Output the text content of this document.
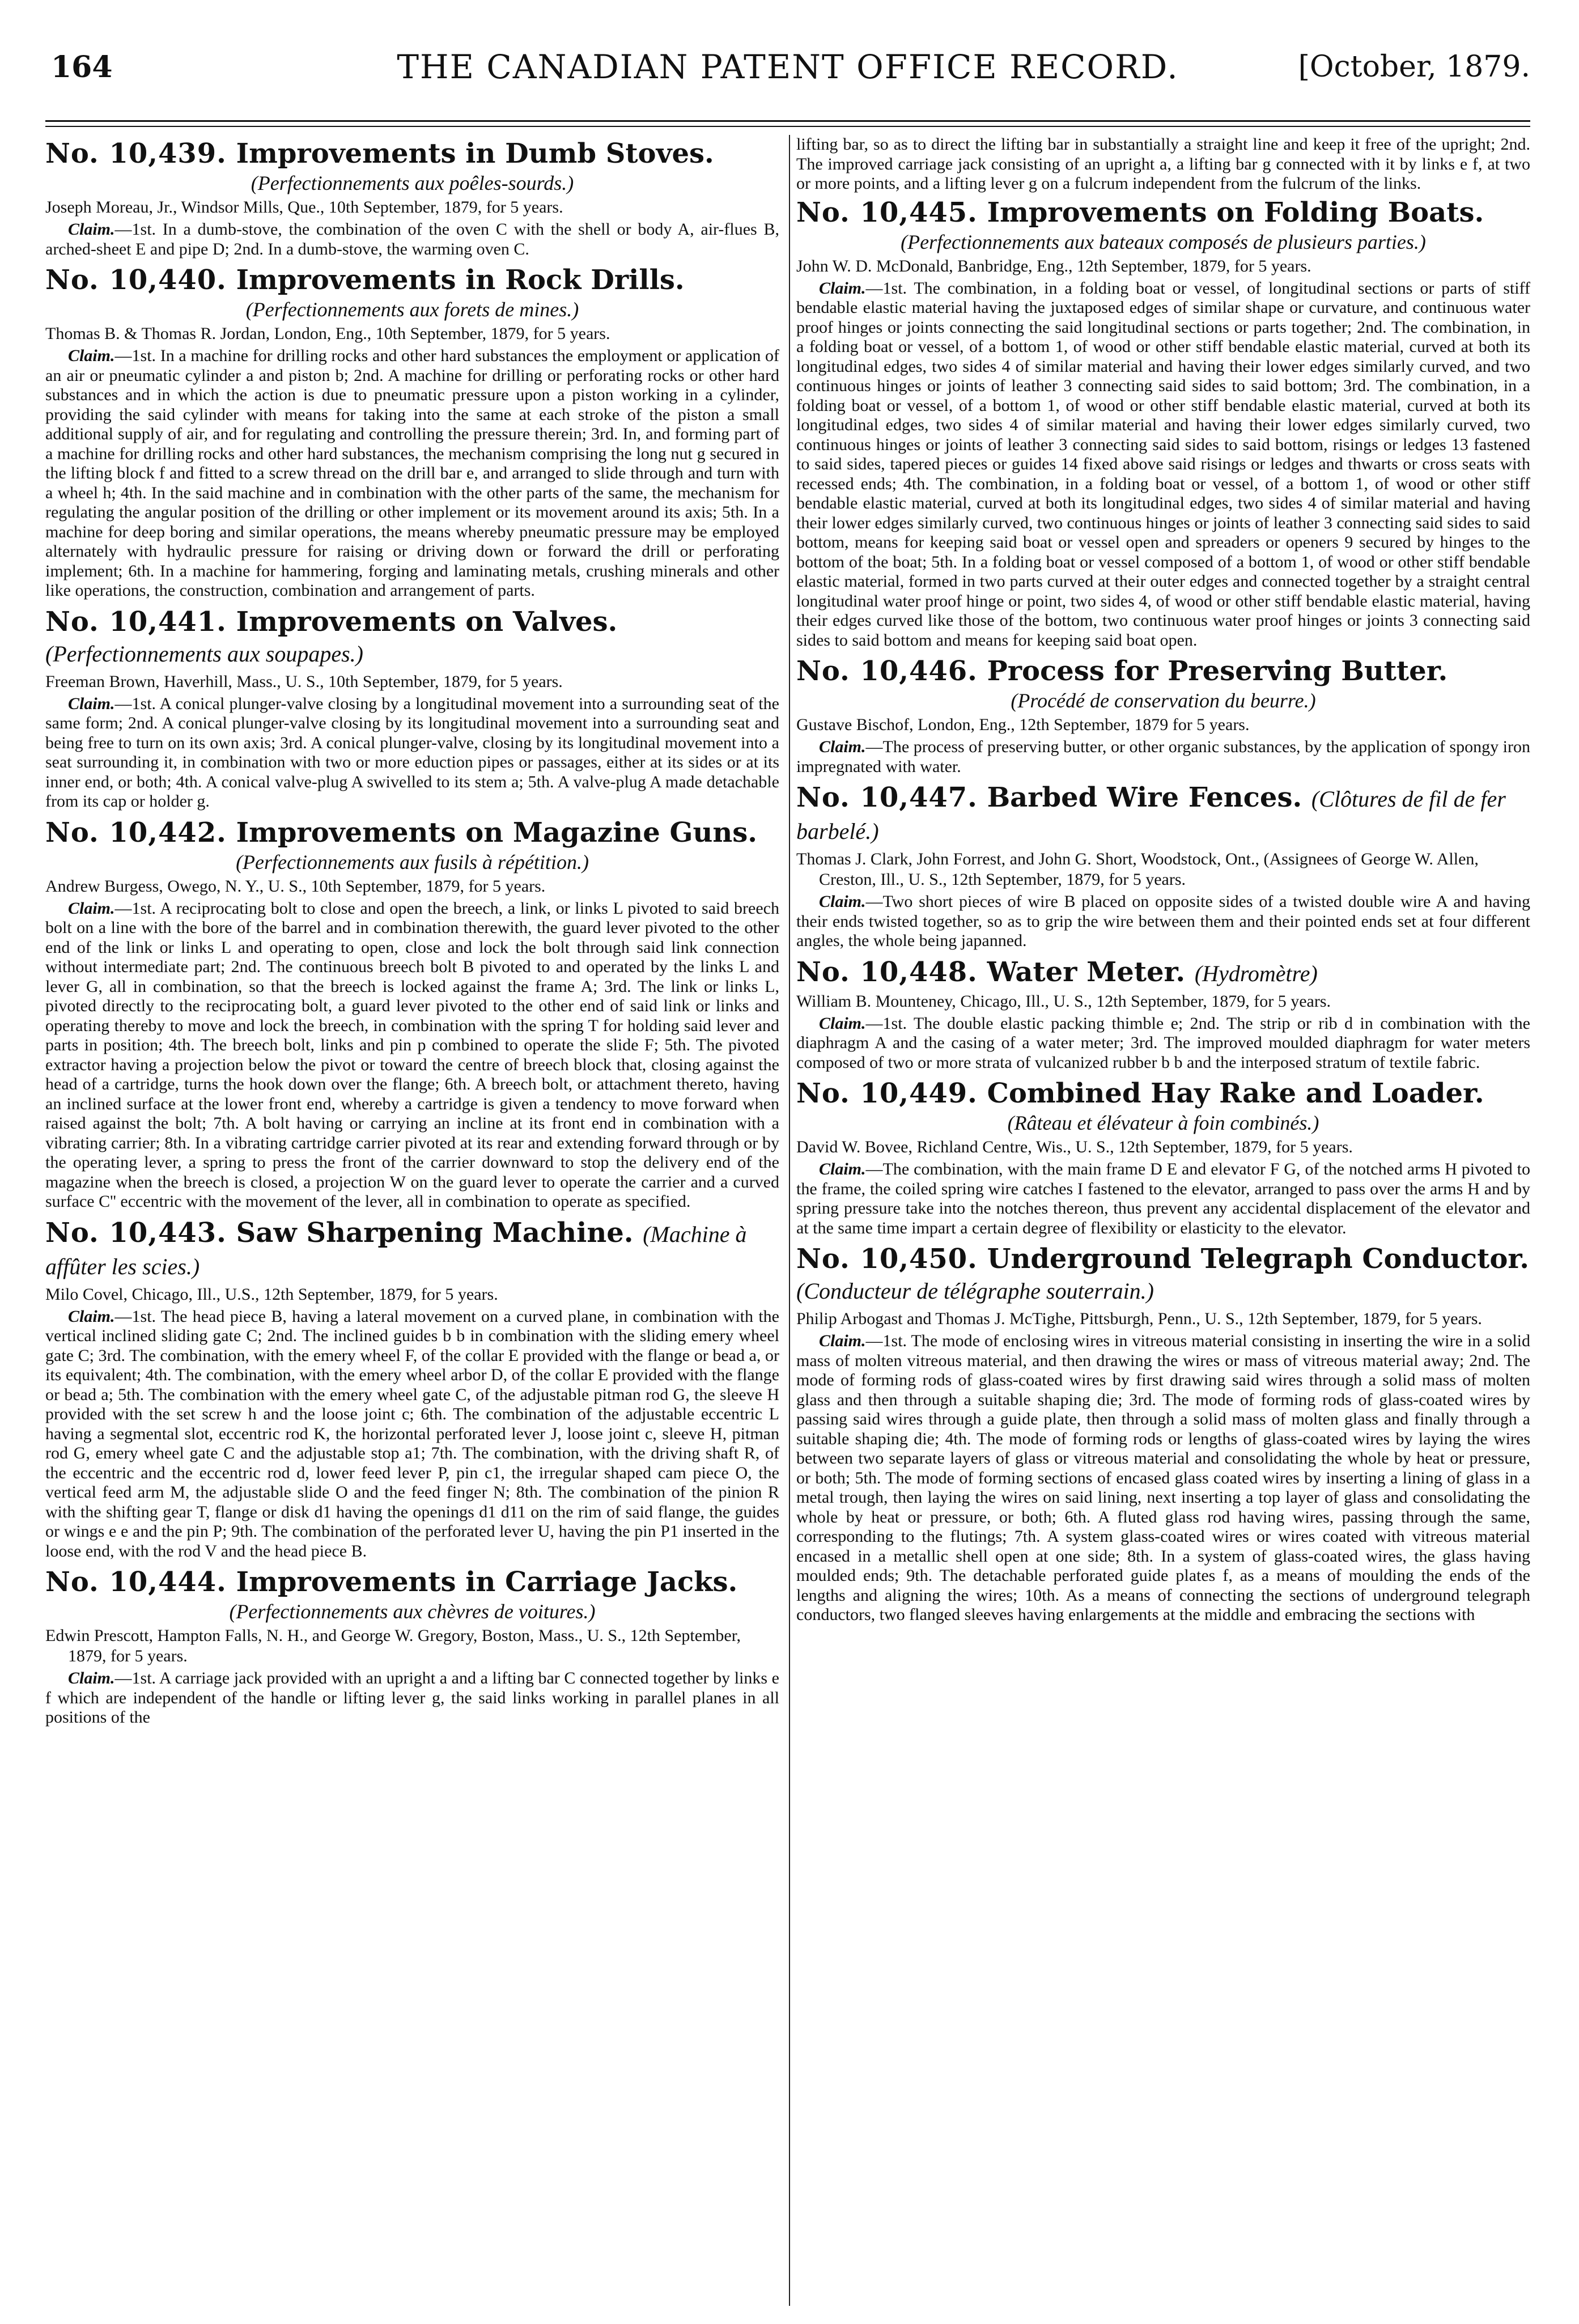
164	THE CANADIAN PATENT OFFICE RECORD.	[October, 1879.
No. 10,439. Improvements in Dumb Stoves.
(Perfectionnements aux poêles-sourds.)
Joseph Moreau, Jr., Windsor Mills, Que., 10th September, 1879, for 5 years.

Claim.—1st. In a dumb-stove, the combination of the oven C with the shell or body A, air-flues B, arched-sheet E and pipe D; 2nd. In a dumb-stove, the warming oven C.

No. 10,440. Improvements in Rock Drills.
(Perfectionnements aux forets de mines.)
Thomas B. & Thomas R. Jordan, London, Eng., 10th September, 1879, for 5 years.

Claim.—1st. In a machine for drilling rocks and other hard substances the employment or application of an air or pneumatic cylinder a and piston b; 2nd. A machine for drilling or perforating rocks or other hard substances and in which the action is due to pneumatic pressure upon a piston working in a cylinder, providing the said cylinder with means for taking into the same at each stroke of the piston a small additional supply of air, and for regulating and controlling the pressure therein; 3rd. In, and forming part of a machine for drilling rocks and other hard substances, the mechanism comprising the long nut g secured in the lifting block f and fitted to a screw thread on the drill bar e, and arranged to slide through and turn with a wheel h; 4th. In the said machine and in combination with the other parts of the same, the mechanism for regulating the angular position of the drilling or other implement or its movement around its axis; 5th. In a machine for deep boring and similar operations, the means whereby pneumatic pressure may be employed alternately with hydraulic pressure for raising or driving down or forward the drill or perforating implement; 6th. In a machine for hammering, forging and laminating metals, crushing minerals and other like operations, the construction, combination and arrangement of parts.

No. 10,441. Improvements on Valves. (Perfectionnements aux soupapes.)
Freeman Brown, Haverhill, Mass., U. S., 10th September, 1879, for 5 years.

Claim.—1st. A conical plunger-valve closing by a longitudinal movement into a surrounding seat of the same form; 2nd. A conical plunger-valve closing by its longitudinal movement into a surrounding seat and being free to turn on its own axis; 3rd. A conical plunger-valve, closing by its longitudinal movement into a seat surrounding it, in combination with two or more eduction pipes or passages, either at its sides or at its inner end, or both; 4th. A conical valve-plug A swivelled to its stem a; 5th. A valve-plug A made detachable from its cap or holder g.

No. 10,442. Improvements on Magazine Guns.
(Perfectionnements aux fusils à répétition.)
Andrew Burgess, Owego, N. Y., U. S., 10th September, 1879, for 5 years.

Claim.—1st. A reciprocating bolt to close and open the breech, a link, or links L pivoted to said breech bolt on a line with the bore of the barrel and in combination therewith, the guard lever pivoted to the other end of the link or links L and operating to open, close and lock the bolt through said link connection without intermediate part; 2nd. The continuous breech bolt B pivoted to and operated by the links L and lever G, all in combination, so that the breech is locked against the frame A; 3rd. The link or links L, pivoted directly to the reciprocating bolt, a guard lever pivoted to the other end of said link or links and operating thereby to move and lock the breech, in combination with the spring T for holding said lever and parts in position; 4th. The breech bolt, links and pin p combined to operate the slide F; 5th. The pivoted extractor having a projection below the pivot or toward the centre of breech block that, closing against the head of a cartridge, turns the hook down over the flange; 6th. A breech bolt, or attachment thereto, having an inclined surface at the lower front end, whereby a cartridge is given a tendency to move forward when raised against the bolt; 7th. A bolt having or carrying an incline at its front end in combination with a vibrating carrier; 8th. In a vibrating cartridge carrier pivoted at its rear and extending forward through or by the operating lever, a spring to press the front of the carrier downward to stop the delivery end of the magazine when the breech is closed, a projection W on the guard lever to operate the carrier and a curved surface C'' eccentric with the movement of the lever, all in combination to operate as specified.

No. 10,443. Saw Sharpening Machine. (Machine à affûter les scies.)
Milo Covel, Chicago, Ill., U.S., 12th September, 1879, for 5 years.

Claim.—1st. The head piece B, having a lateral movement on a curved plane, in combination with the vertical inclined sliding gate C; 2nd. The inclined guides b b in combination with the sliding emery wheel gate C; 3rd. The combination, with the emery wheel F, of the collar E provided with the flange or bead a, or its equivalent; 4th. The combination, with the emery wheel arbor D, of the collar E provided with the flange or bead a; 5th. The combination with the emery wheel gate C, of the adjustable pitman rod G, the sleeve H provided with the set screw h and the loose joint c; 6th. The combination of the adjustable eccentric L having a segmental slot, eccentric rod K, the horizontal perforated lever J, loose joint c, sleeve H, pitman rod G, emery wheel gate C and the adjustable stop a1; 7th. The combination, with the driving shaft R, of the eccentric and the eccentric rod d, lower feed lever P, pin c1, the irregular shaped cam piece O, the vertical feed arm M, the adjustable slide O and the feed finger N; 8th. The combination of the pinion R with the shifting gear T, flange or disk d1 having the openings d1 d11 on the rim of said flange, the guides or wings e e and the pin P; 9th. The combination of the perforated lever U, having the pin P1 inserted in the loose end, with the rod V and the head piece B.

No. 10,444. Improvements in Carriage Jacks.
(Perfectionnements aux chèvres de voitures.)
Edwin Prescott, Hampton Falls, N. H., and George W. Gregory, Boston, Mass., U. S., 12th September, 1879, for 5 years.

Claim.—1st. A carriage jack provided with an upright a and a lifting bar C connected together by links e f which are independent of the handle or lifting lever g, the said links working in parallel planes in all positions of the

lifting bar, so as to direct the lifting bar in substantially a straight line and keep it free of the upright; 2nd. The improved carriage jack consisting of an upright a, a lifting bar g connected with it by links e f, at two or more points, and a lifting lever g on a fulcrum independent from the fulcrum of the links.

No. 10,445. Improvements on Folding Boats.
(Perfectionnements aux bateaux composés de plusieurs parties.)
John W. D. McDonald, Banbridge, Eng., 12th September, 1879, for 5 years.

Claim.—1st. The combination, in a folding boat or vessel, of longitudinal sections or parts of stiff bendable elastic material having the juxtaposed edges of similar shape or curvature, and continuous water proof hinges or joints connecting the said longitudinal sections or parts together; 2nd. The combination, in a folding boat or vessel, of a bottom 1, of wood or other stiff bendable elastic material, curved at both its longitudinal edges, two sides 4 of similar material and having their lower edges similarly curved, and two continuous hinges or joints of leather 3 connecting said sides to said bottom; 3rd. The combination, in a folding boat or vessel, of a bottom 1, of wood or other stiff bendable elastic material, curved at both its longitudinal edges, two sides 4 of similar material and having their lower edges similarly curved, two continuous hinges or joints of leather 3 connecting said sides to said bottom, risings or ledges 13 fastened to said sides, tapered pieces or guides 14 fixed above said risings or ledges and thwarts or cross seats with recessed ends; 4th. The combination, in a folding boat or vessel, of a bottom 1, of wood or other stiff bendable elastic material, curved at both its longitudinal edges, two sides 4 of similar material and having their lower edges similarly curved, two continuous hinges or joints of leather 3 connecting said sides to said bottom, means for keeping said boat or vessel open and spreaders or openers 9 secured by hinges to the bottom of the boat; 5th. In a folding boat or vessel composed of a bottom 1, of wood or other stiff bendable elastic material, formed in two parts curved at their outer edges and connected together by a straight central longitudinal water proof hinge or point, two sides 4, of wood or other stiff bendable elastic material, having their edges curved like those of the bottom, two continuous water proof hinges or joints 3 connecting said sides to said bottom and means for keeping said boat open.

No. 10,446. Process for Preserving Butter.
(Procédé de conservation du beurre.)
Gustave Bischof, London, Eng., 12th September, 1879 for 5 years.

Claim.—The process of preserving butter, or other organic substances, by the application of spongy iron impregnated with water.

No. 10,447. Barbed Wire Fences. (Clôtures de fil de fer barbelé.)
Thomas J. Clark, John Forrest, and John G. Short, Woodstock, Ont., (Assignees of George W. Allen, Creston, Ill., U. S., 12th September, 1879, for 5 years.

Claim.—Two short pieces of wire B placed on opposite sides of a twisted double wire A and having their ends twisted together, so as to grip the wire between them and their pointed ends set at four different angles, the whole being japanned.

No. 10,448. Water Meter. (Hydromètre)
William B. Mounteney, Chicago, Ill., U. S., 12th September, 1879, for 5 years.

Claim.—1st. The double elastic packing thimble e; 2nd. The strip or rib d in combination with the diaphragm A and the casing of a water meter; 3rd. The improved moulded diaphragm for water meters composed of two or more strata of vulcanized rubber b b and the interposed stratum of textile fabric.

No. 10,449. Combined Hay Rake and Loader.
(Râteau et élévateur à foin combinés.)
David W. Bovee, Richland Centre, Wis., U. S., 12th September, 1879, for 5 years.

Claim.—The combination, with the main frame D E and elevator F G, of the notched arms H pivoted to the frame, the coiled spring wire catches I fastened to the elevator, arranged to pass over the arms H and by spring pressure take into the notches thereon, thus prevent any accidental displacement of the elevator and at the same time impart a certain degree of flexibility or elasticity to the elevator.

No. 10,450. Underground Telegraph Conductor. (Conducteur de télégraphe souterrain.)
Philip Arbogast and Thomas J. McTighe, Pittsburgh, Penn., U. S., 12th September, 1879, for 5 years.

Claim.—1st. The mode of enclosing wires in vitreous material consisting in inserting the wire in a solid mass of molten vitreous material, and then drawing the wires or mass of vitreous material away; 2nd. The mode of forming rods of glass-coated wires by first drawing said wires through a solid mass of molten glass and then through a suitable shaping die; 3rd. The mode of forming rods of glass-coated wires by passing said wires through a guide plate, then through a solid mass of molten glass and finally through a suitable shaping die; 4th. The mode of forming rods or lengths of glass-coated wires by laying the wires between two separate layers of glass or vitreous material and consolidating the whole by heat or pressure, or both; 5th. The mode of forming sections of encased glass coated wires by inserting a lining of glass in a metal trough, then laying the wires on said lining, next inserting a top layer of glass and consolidating the whole by heat or pressure, or both; 6th. A fluted glass rod having wires, passing through the same, corresponding to the flutings; 7th. A system glass-coated wires or wires coated with vitreous material encased in a metallic shell open at one side; 8th. In a system of glass-coated wires, the glass having moulded ends; 9th. The detachable perforated guide plates f, as a means of moulding the ends of the lengths and aligning the wires; 10th. As a means of connecting the sections of underground telegraph conductors, two flanged sleeves having enlargements at the middle and embracing the sections with
